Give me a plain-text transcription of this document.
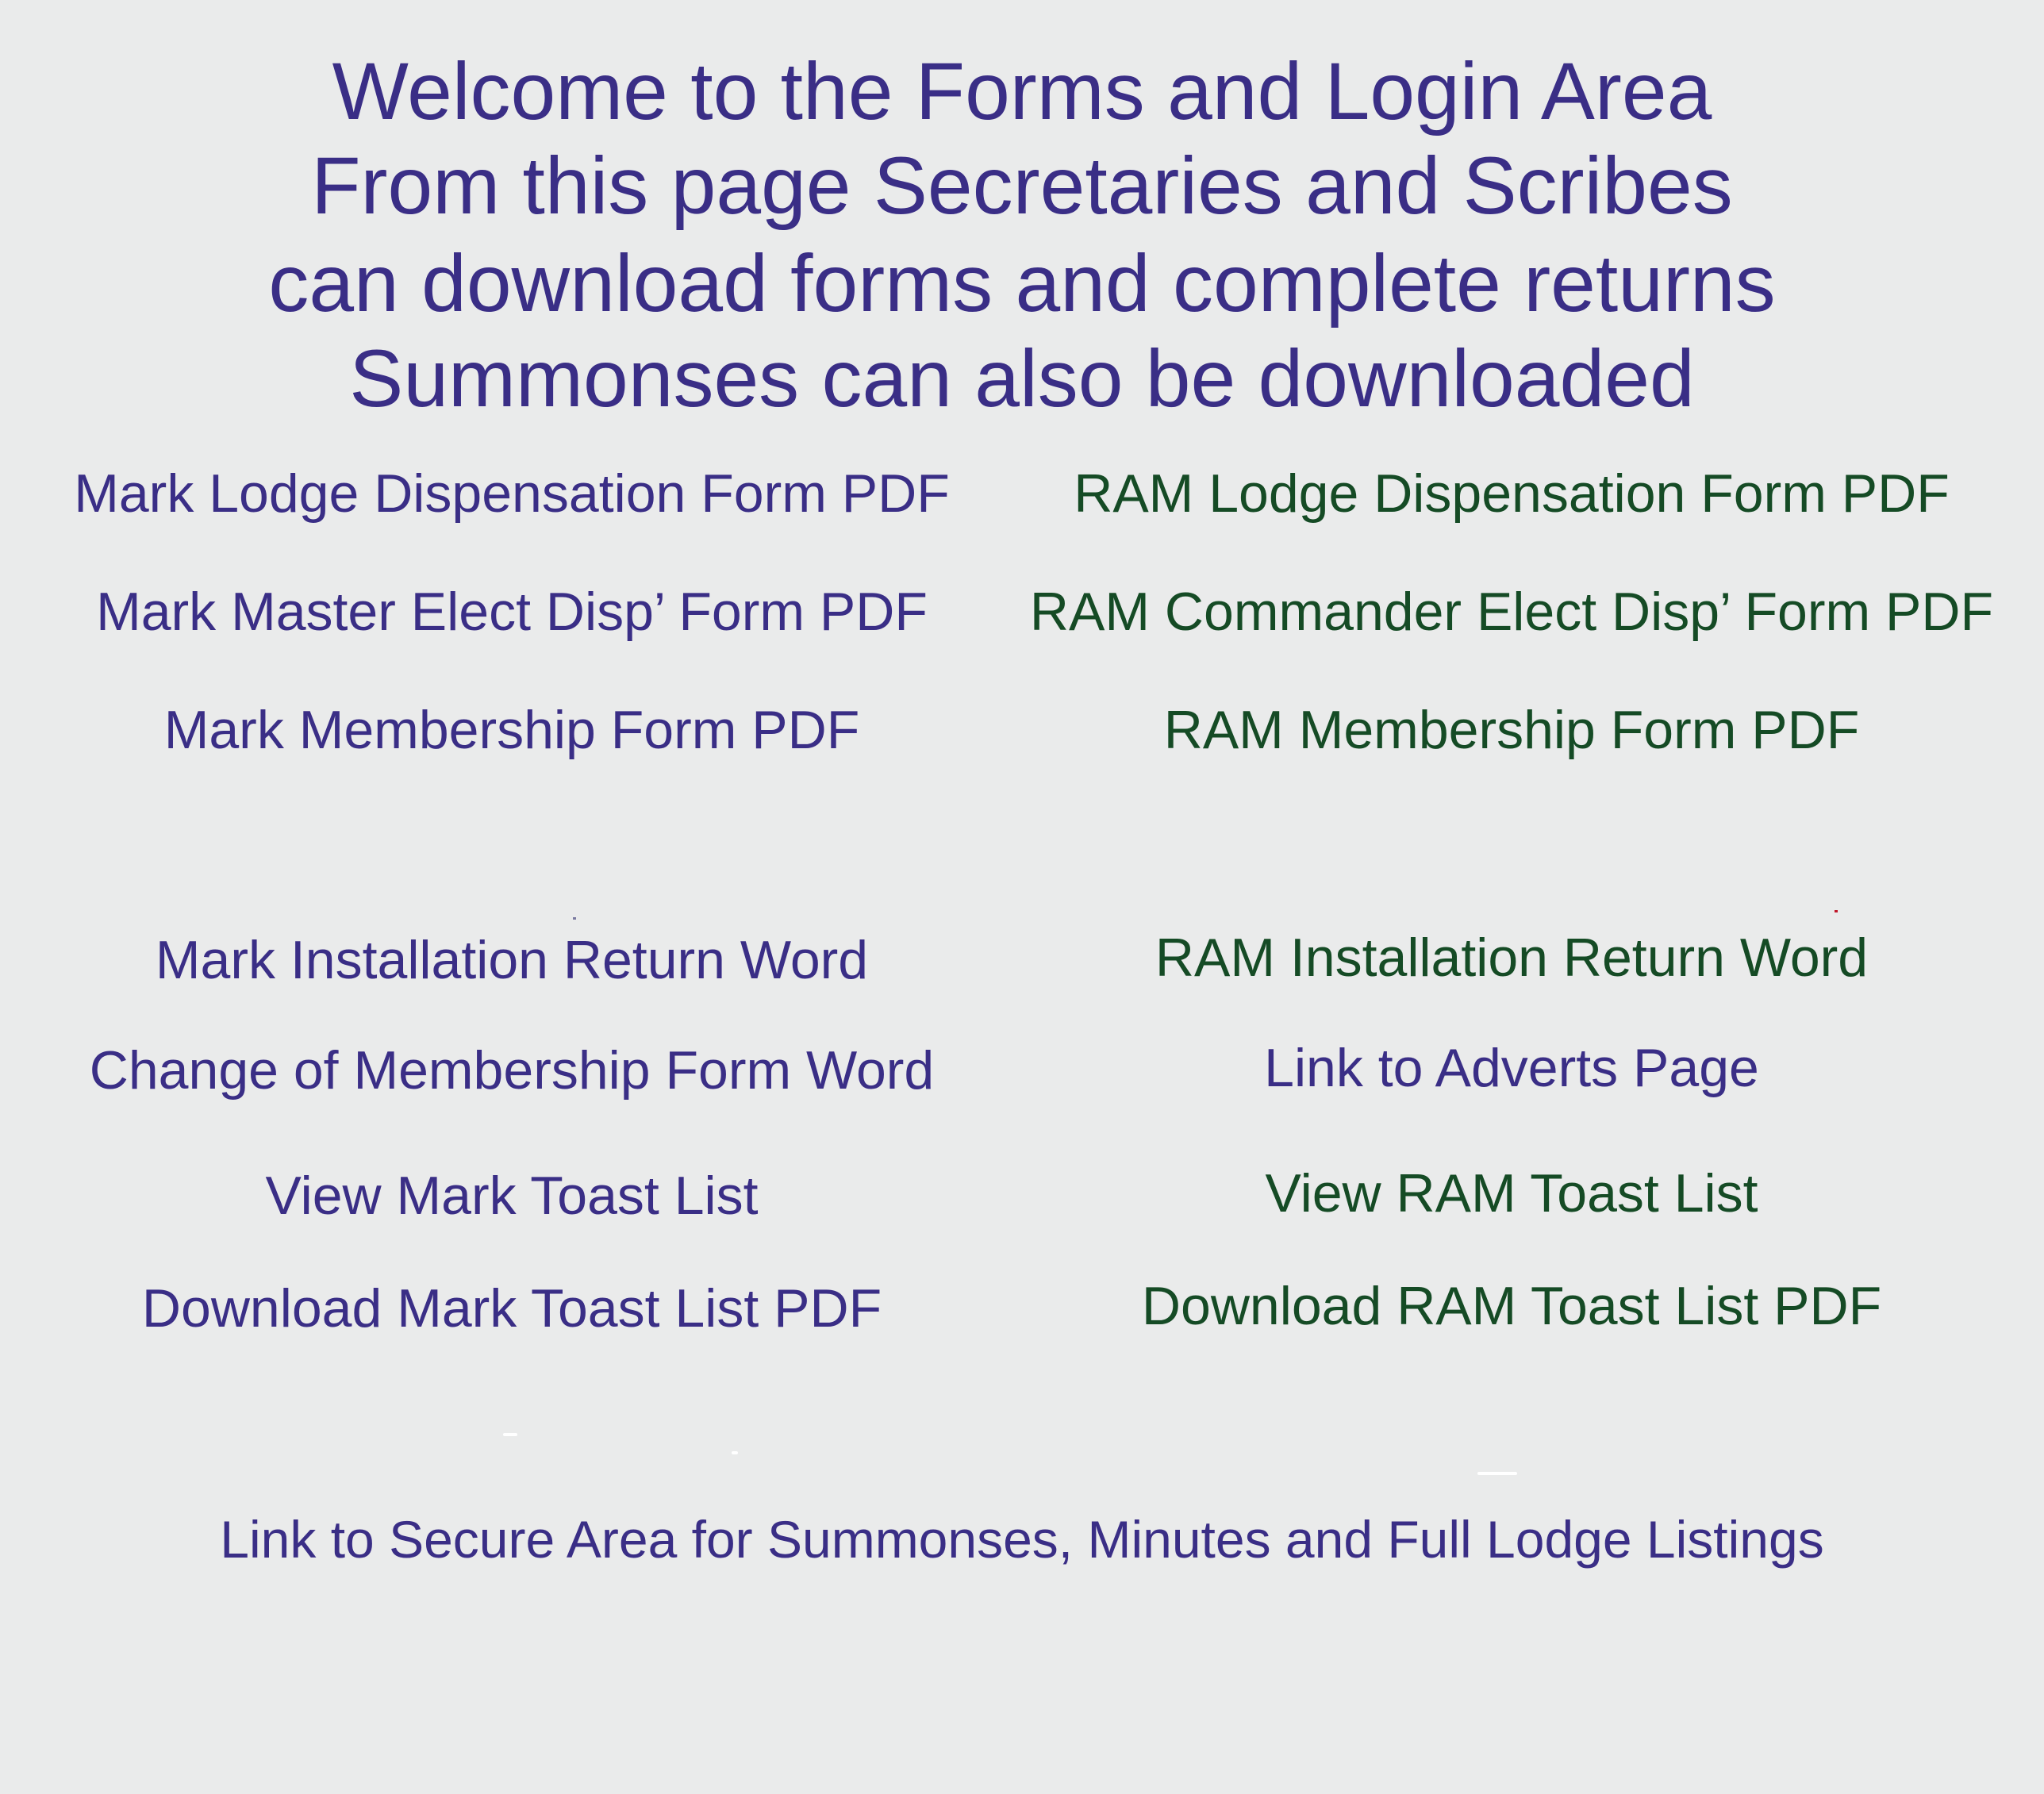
Welcome to the Forms and Login Area
From this page Secretaries and Scribes
can download forms and complete returns
Summonses can also be downloaded
Mark Lodge Dispensation Form PDF
Mark Master Elect Disp’ Form PDF
Mark Membership Form PDF
Mark Installation Return Word
Change of Membership Form Word
View Mark Toast List
Download Mark Toast List PDF
RAM Lodge Dispensation Form PDF
RAM Commander Elect Disp’ Form PDF
RAM Membership Form PDF
RAM Installation Return Word
Link to Adverts Page
View RAM Toast List
Download RAM Toast List PDF
Link to Secure Area for Summonses, Minutes and Full Lodge Listings
